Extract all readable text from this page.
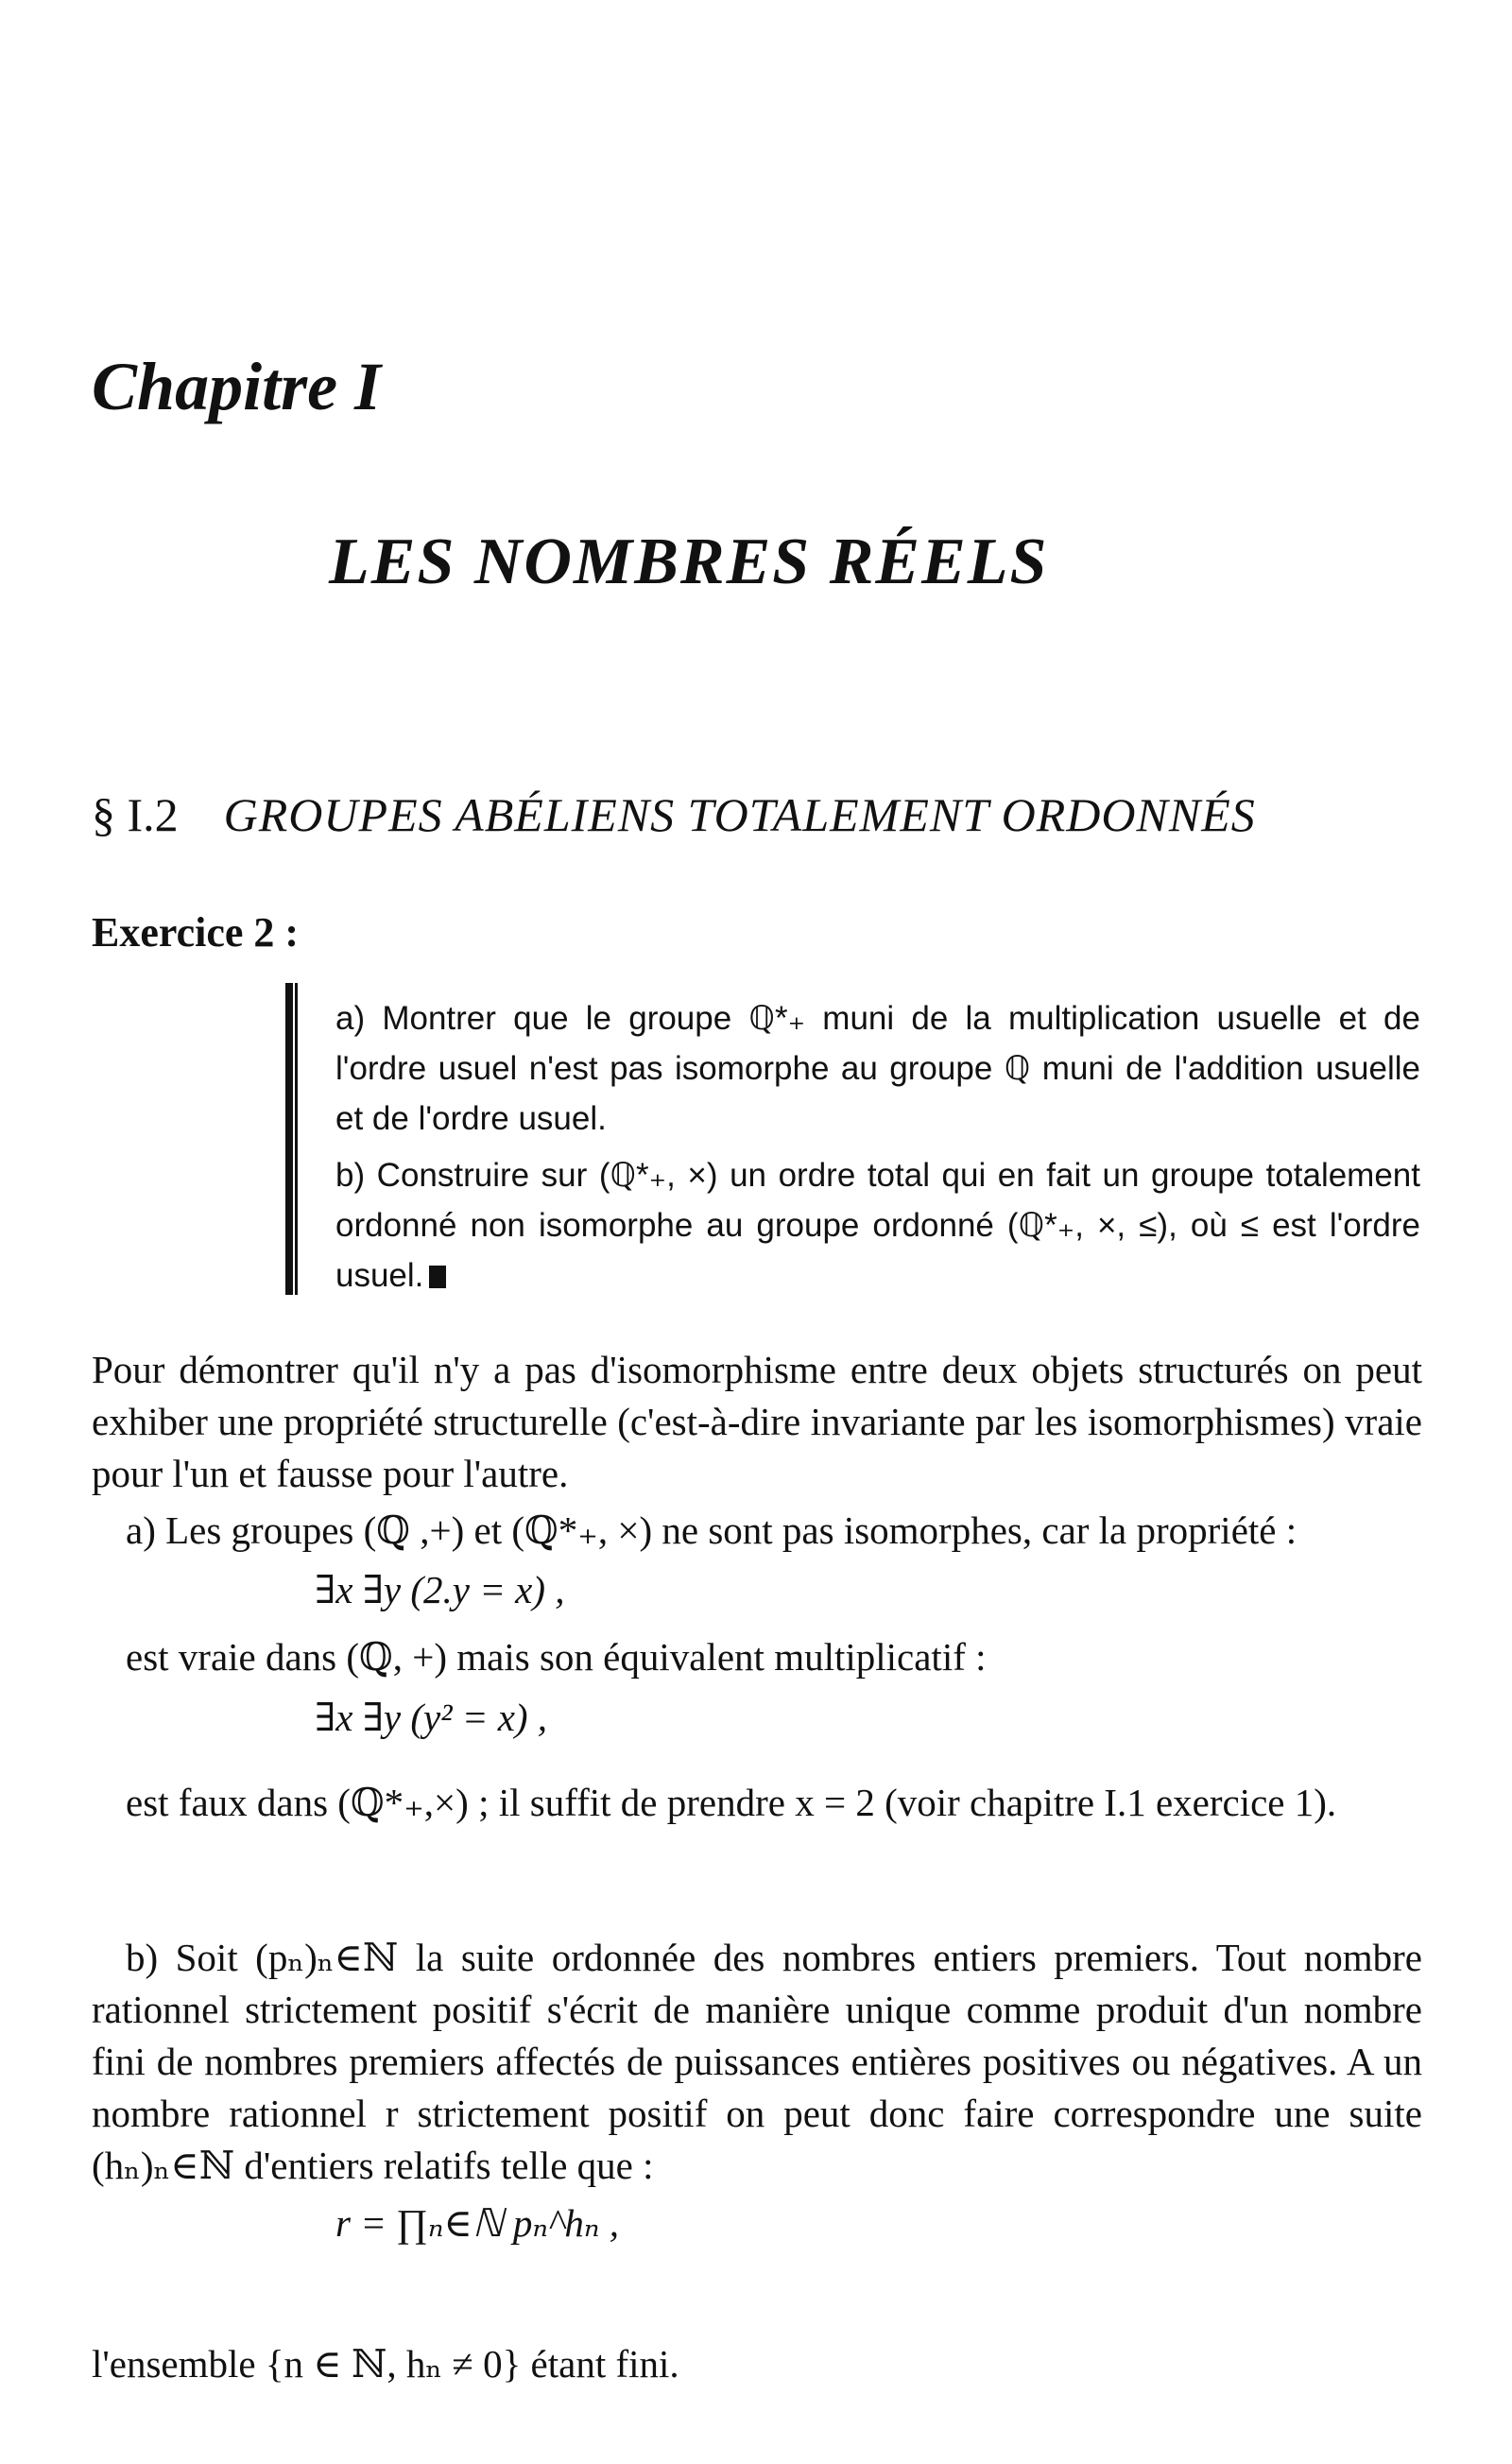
Chapitre I
LES NOMBRES RÉELS
§ I.2 GROUPES ABÉLIENS TOTALEMENT ORDONNÉS
Exercice 2 :

a) Montrer que le groupe ℚ*₊ muni de la multiplication usuelle et de l'ordre usuel n'est pas isomorphe au groupe ℚ muni de l'addition usuelle et de l'ordre usuel.

b) Construire sur (ℚ*₊, ×) un ordre total qui en fait un groupe totalement ordonné non isomorphe au groupe ordonné (ℚ*₊, ×, ≤), où ≤ est l'ordre usuel.

Pour démontrer qu'il n'y a pas d'isomorphisme entre deux objets structurés on peut exhiber une propriété structurelle (c'est-à-dire invariante par les isomorphismes) vraie pour l'un et fausse pour l'autre.

a) Les groupes (ℚ ,+) et (ℚ*₊, ×) ne sont pas isomorphes, car la propriété :

∃x ∃y (2.y = x) ,

est vraie dans (ℚ, +) mais son équivalent multiplicatif :

∃x ∃y (y² = x) ,

est faux dans (ℚ*₊,×) ; il suffit de prendre x = 2 (voir chapitre I.1 exercice 1).

b) Soit (pₙ)ₙ∈ℕ la suite ordonnée des nombres entiers premiers. Tout nombre rationnel strictement positif s'écrit de manière unique comme produit d'un nombre fini de nombres premiers affectés de puissances entières positives ou négatives. A un nombre rationnel r strictement positif on peut donc faire correspondre une suite (hₙ)ₙ∈ℕ d'entiers relatifs telle que :

r = ∏ₙ∈ℕ pₙ^hₙ ,

l'ensemble {n ∈ ℕ, hₙ ≠ 0} étant fini.
